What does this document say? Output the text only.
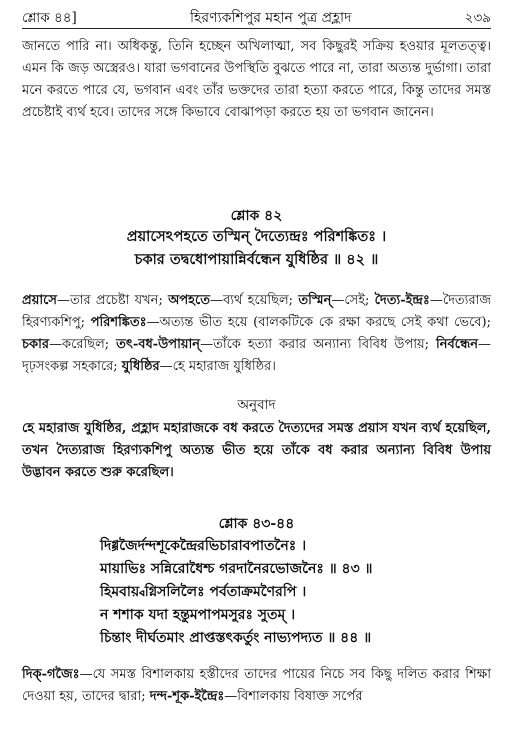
শ্লোক ৪৪]	হিরণ্যকশিপুর মহান পুত্র প্রহ্লাদ	২৩৯

জানতে পারি না। অধিকন্তু, তিনি হচ্ছেন অখিলাত্মা, সব কিছুরই সক্রিয় হওয়ার মূলতত্ত্ব। এমন কি জড় অস্ত্রেরও। যারা ভগবানের উপস্থিতি বুঝতে পারে না, তারা অত্যন্ত দুর্ভাগা। তারা মনে করতে পারে যে, ভগবান এবং তাঁর ভক্তদের তারা হত্যা করতে পারে, কিন্তু তাদের সমস্ত প্রচেষ্টাই ব্যর্থ হবে। তাদের সঙ্গে কিভাবে বোঝাপড়া করতে হয় তা ভগবান জানেন।

শ্লোক ৪২
প্রয়াসেঽপহতে তস্মিন্ দৈত্যেন্দ্রঃ পরিশঙ্কিতঃ ।
চকার তদ্বধোপায়ান্নির্বন্ধেন যুধিষ্ঠির ॥ ৪২ ॥

প্রয়াসে—তার প্রচেষ্টা যখন; অপহতে—ব্যর্থ হয়েছিল; তস্মিন্—সেই; দৈত্য-ইন্দ্রঃ—দৈত্যরাজ হিরণ্যকশিপু; পরিশঙ্কিতঃ—অত্যন্ত ভীত হয়ে (বালকটিকে কে রক্ষা করছে সেই কথা ভেবে); চকার—করেছিল; তৎ-বধ-উপায়ান্—তাঁকে হত্যা করার অন্যান্য বিবিধ উপায়; নির্বন্ধেন—দৃঢ়সংকল্প সহকারে; যুধিষ্ঠির—হে মহারাজ যুধিষ্ঠির।

অনুবাদ

হে মহারাজ যুধিষ্ঠির, প্রহ্লাদ মহারাজকে বধ করতে দৈত্যদের সমস্ত প্রয়াস যখন ব্যর্থ হয়েছিল, তখন দৈত্যরাজ হিরণ্যকশিপু অত্যন্ত ভীত হয়ে তাঁকে বধ করার অন্যান্য বিবিধ উপায় উদ্ভাবন করতে শুরু করেছিল।

শ্লোক ৪৩-৪৪
দিগ্গজৈর্দন্দশূকেন্দ্রৈরভিচারাবপাতনৈঃ ।
মায়াভিঃ সন্নিরোধৈশ্চ গরদানৈরভোজনৈঃ ॥ ৪৩ ॥
হিমবায়্বগ্নিসলিলৈঃ পর্বতাক্রমণৈরপি ।
ন শশাক যদা হন্তুমপাপমসুরঃ সুতম্ ।
চিন্তাং দীর্ঘতমাং প্রাপ্তস্তৎকর্তুং নাভ্যপদ্যত ॥ ৪৪ ॥

দিক্-গজৈঃ—যে সমস্ত বিশালকায় হস্তীদের তাদের পায়ের নিচে সব কিছু দলিত করার শিক্ষা দেওয়া হয়, তাদের দ্বারা; দন্দ-শূক-ইন্দ্রৈঃ—বিশালকায় বিষাক্ত সর্পের
